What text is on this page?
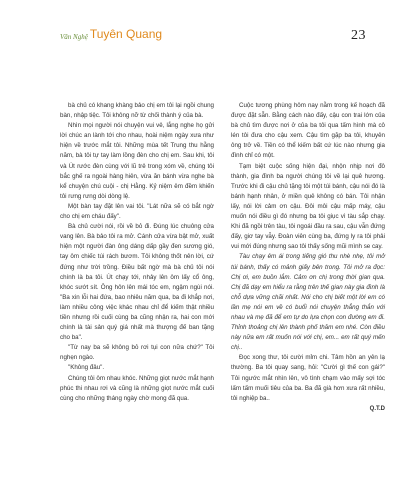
Văn Nghệ Tuyên Quang	23

bà chủ có khang khàng bảo chị em tôi lại ngồi chung bàn, nhập tiệc. Tôi không nỡ từ chối thành ý của bà.

Nhìn mọi người nói chuyện vui vẻ, lắng nghe họ gửi lời chúc an lành tới cho nhau, hoài niệm ngày xưa như hiện về trước mắt tôi. Những mùa tết Trung thu hằng năm, bà tôi tự tay làm lồng đèn cho chị em. Sau khi, tôi và Út rước đèn cùng với lũ trẻ trong xóm về, chúng tôi bắc ghế ra ngoài hàng hiên, vừa ăn bánh vừa nghe bà kể chuyện chú cuội - chị Hằng. Kỷ niệm êm đềm khiến tôi rưng rưng dòi dòng lệ.

Một bàn tay đặt lên vai tôi. "Lát nữa sẽ có bắt ngờ cho chị em cháu đấy".

Bà chủ cười nói, rồi về bỏ đi. Đúng lúc chuông cửa vang lên. Bà bảo tôi ra mở. Cánh cửa vừa bật mở, xuất hiện một người đàn ông dáng dấp gầy đen sương gió, tay ôm chiếc túi rách bươm. Tôi không thốt nên lời, cứ đứng như trời trồng. Điều bất ngờ mà bà chủ tôi nói chính là ba tôi. Út chạy tới, nhảy lên ôm lấy cổ ông, khóc sướt sít. Ông hôn lên mái tóc em, ngậm ngùi nói. "Ba xin lỗi hai đứa, bao nhiêu năm qua, ba đi khắp nơi, làm nhiều công việc khác nhau chỉ để kiếm thật nhiều tiền nhưng rồi cuối cùng ba cũng nhận ra, hai con mới chính là tài sản quý giá nhất mà thượng đế ban tặng cho ba".

"Từ nay ba sẽ không bỏ rơi tụi con nữa chứ?" Tôi nghẹn ngào.

"Không đâu".

Chúng tôi ôm nhau khóc. Những giọt nước mắt hạnh phúc thi nhau rơi và cũng là những giọt nước mắt cuối cùng cho những tháng ngày chờ mong đã qua.

Cuộc tương phùng hôm nay nằm trong kế hoạch đã được đặt sẵn. Bằng cách nào đấy, cậu con trai lớn của bà chủ tìm được nơi ở của ba tôi qua tấm hình mà cô lén tôi đưa cho cậu xem. Cậu tìm gặp ba tôi, khuyên ông trở về. Tiền có thể kiếm bất cứ lúc nào nhưng gia đình chỉ có một.

Tạm biệt cuộc sống hiện đại, nhộn nhịp nơi đô thành, gia đình ba người chúng tôi về lại quê hương. Trước khi đi cậu chủ tặng tôi một túi bánh, cậu nói đó là bánh hạnh nhân, ở miền quê không có bán. Tôi nhận lấy, nói lời cảm ơn cậu. Đôi môi cậu mấp máy, cậu muốn nói điều gì đó nhưng ba tôi giục vì tàu sắp chạy. Khi đã ngồi trên tàu, tôi ngoái đầu ra sau, cậu vẫn đứng đấy, giơ tay vẫy. Đoàn viên cùng ba, đứng ly ra tôi phải vui mới đúng nhưng sao tôi thấy sống mũi mình se cay.

Tàu chạy êm ái trong tiếng gió thu nhè nhẹ, tôi mở túi bánh, thấy có mảnh giấy bên trong. Tôi mở ra đọc: Chị ơi, em buồn lắm. Cảm ơn chị trong thời gian qua. Chị đã dạy em hiểu ra rằng trên thế gian này gia đình là chỗ dựa vững chãi nhất. Nói cho chị biết một lời em có lần mẹ nói em về có buổi nói chuyện thẳng thắn với nhau và mẹ đã để em tự do lựa chọn con đường em đi. Thỉnh thoảng chị lên thành phố thăm em nhé. Còn điều này nữa em rất muốn nói với chị, em... em rất quý mến chị..

Đọc xong thư, tôi cười mỉm chi. Tâm hồn an yên lạ thường. Ba tôi quay sang, hỏi: "Cười gì thế con gái?" Tôi ngước mắt nhìn lên, vô tình chạm vào mấy sợi tóc lấm tấm muối tiêu của ba. Ba đã già hơn xưa rất nhiều, tôi nghiệp ba..

Q.T.D
